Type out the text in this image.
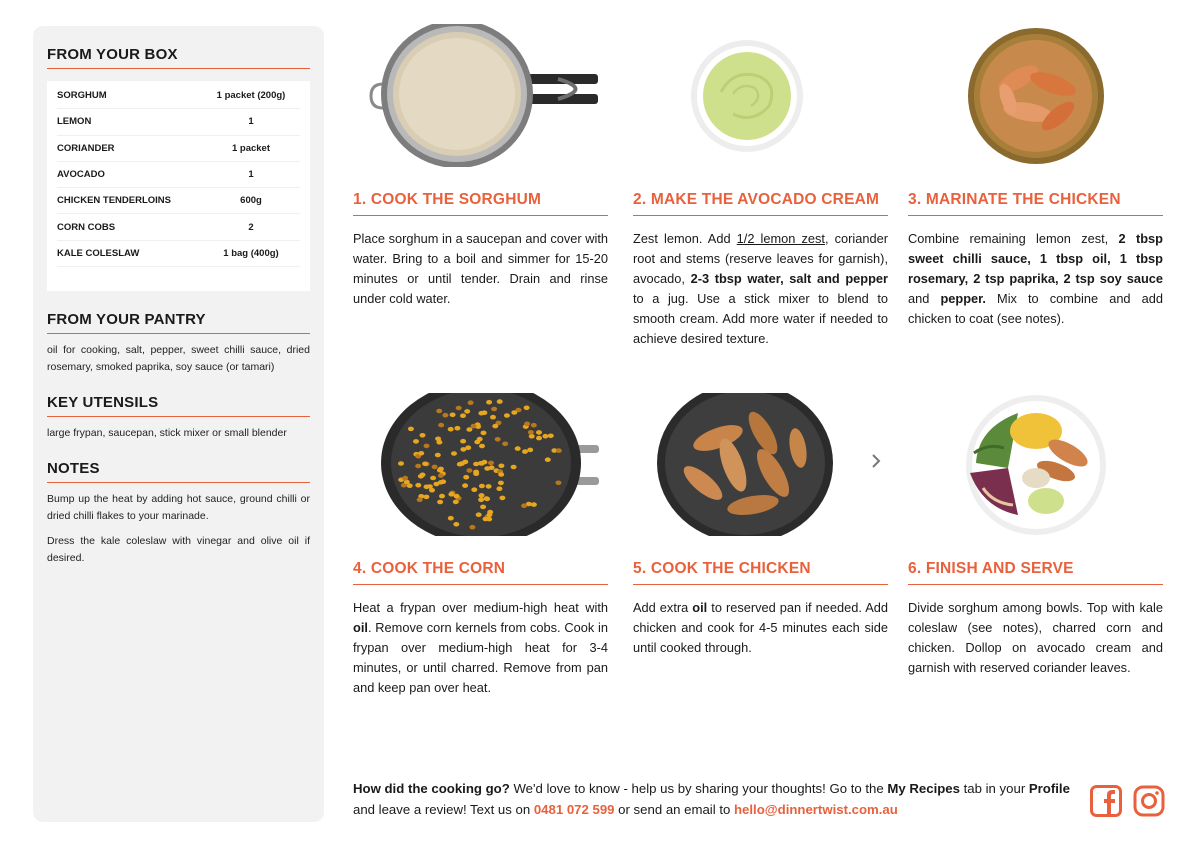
FROM YOUR BOX
SORGHUM	1 packet (200g)
LEMON	1
CORIANDER	1 packet
AVOCADO	1
CHICKEN TENDERLOINS	600g
CORN COBS	2
KALE COLESLAW	1 bag (400g)
FROM YOUR PANTRY

oil for cooking, salt, pepper, sweet chilli sauce, dried rosemary, smoked paprika, soy sauce (or tamari)

KEY UTENSILS

large frypan, saucepan, stick mixer or small blender

NOTES

Bump up the heat by adding hot sauce, ground chilli or dried chilli flakes to your marinade.

Dress the kale coleslaw with vinegar and olive oil if desired.

1. COOK THE SORGHUM

Place sorghum in a saucepan and cover with water. Bring to a boil and simmer for 15-20 minutes or until tender. Drain and rinse under cold water.

2. MAKE THE AVOCADO CREAM

Zest lemon. Add 1/2 lemon zest, coriander root and stems (reserve leaves for garnish), avocado, 2-3 tbsp water, salt and pepper to a jug. Use a stick mixer to blend to smooth cream. Add more water if needed to achieve desired texture.

3. MARINATE THE CHICKEN

Combine remaining lemon zest, 2 tbsp sweet chilli sauce, 1 tbsp oil, 1 tbsp rosemary, 2 tsp paprika, 2 tsp soy sauce and pepper. Mix to combine and add chicken to coat (see notes).

4. COOK THE CORN

Heat a frypan over medium-high heat with oil. Remove corn kernels from cobs. Cook in frypan over medium-high heat for 3-4 minutes, or until charred. Remove from pan and keep pan over heat.

5. COOK THE CHICKEN

Add extra oil to reserved pan if needed. Add chicken and cook for 4-5 minutes each side until cooked through.

6. FINISH AND SERVE

Divide sorghum among bowls. Top with kale coleslaw (see notes), charred corn and chicken. Dollop on avocado cream and garnish with reserved coriander leaves.

How did the cooking go? We'd love to know - help us by sharing your thoughts! Go to the My Recipes tab in your Profile and leave a review! Text us on 0481 072 599 or send an email to hello@dinnertwist.com.au
